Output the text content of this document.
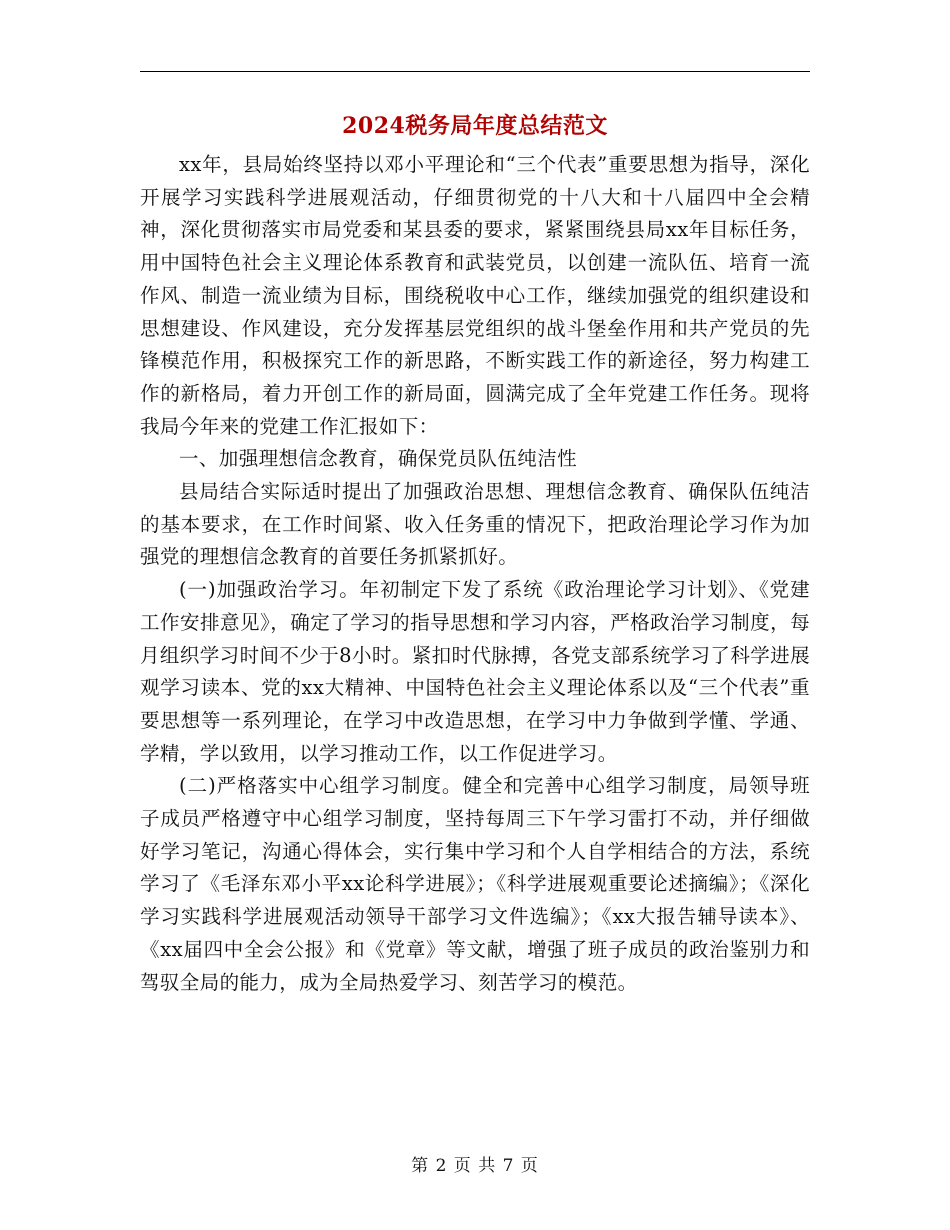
2024税务局年度总结范文

xx年，县局始终坚持以邓小平理论和“三个代表”重要思想为指导，深化开展学习实践科学进展观活动，仔细贯彻党的十八大和十八届四中全会精神，深化贯彻落实市局党委和某县委的要求，紧紧围绕县局xx年目标任务，用中国特色社会主义理论体系教育和武装党员，以创建一流队伍、培育一流作风、制造一流业绩为目标，围绕税收中心工作，继续加强党的组织建设和思想建设、作风建设，充分发挥基层党组织的战斗堡垒作用和共产党员的先锋模范作用，积极探究工作的新思路，不断实践工作的新途径，努力构建工作的新格局，着力开创工作的新局面，圆满完成了全年党建工作任务。现将我局今年来的党建工作汇报如下：

一、加强理想信念教育，确保党员队伍纯洁性

县局结合实际适时提出了加强政治思想、理想信念教育、确保队伍纯洁的基本要求，在工作时间紧、收入任务重的情况下，把政治理论学习作为加强党的理想信念教育的首要任务抓紧抓好。

(一)加强政治学习。年初制定下发了系统《政治理论学习计划》、《党建工作安排意见》，确定了学习的指导思想和学习内容，严格政治学习制度，每月组织学习时间不少于8小时。紧扣时代脉搏，各党支部系统学习了科学进展观学习读本、党的xx大精神、中国特色社会主义理论体系以及“三个代表”重要思想等一系列理论，在学习中改造思想，在学习中力争做到学懂、学通、学精，学以致用，以学习推动工作，以工作促进学习。

(二)严格落实中心组学习制度。健全和完善中心组学习制度，局领导班子成员严格遵守中心组学习制度，坚持每周三下午学习雷打不动，并仔细做好学习笔记，沟通心得体会，实行集中学习和个人自学相结合的方法，系统学习了《毛泽东邓小平xx论科学进展》；《科学进展观重要论述摘编》；《深化学习实践科学进展观活动领导干部学习文件选编》；《xx大报告辅导读本》、《xx届四中全会公报》和《党章》等文献，增强了班子成员的政治鉴别力和驾驭全局的能力，成为全局热爱学习、刻苦学习的模范。

第 2 页 共 7 页
